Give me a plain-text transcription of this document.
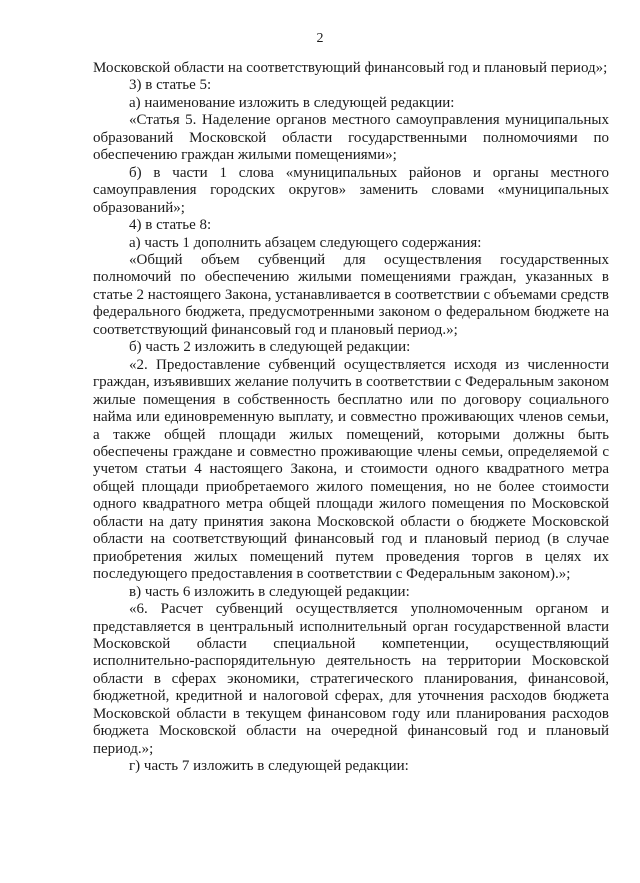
2

Московской области на соответствующий финансовый год и плановый период»;

3) в статье 5:

а) наименование изложить в следующей редакции:

«Статья 5. Наделение органов местного самоуправления муниципальных образований Московской области государственными полномочиями по обеспечению граждан жилыми помещениями»;

б) в части 1 слова «муниципальных районов и органы местного самоуправления городских округов» заменить словами «муниципальных образований»;

4) в статье 8:

а) часть 1 дополнить абзацем следующего содержания:

«Общий объем субвенций для осуществления государственных полномочий по обеспечению жилыми помещениями граждан, указанных в статье 2 настоящего Закона, устанавливается в соответствии с объемами средств федерального бюджета, предусмотренными законом о федеральном бюджете на соответствующий финансовый год и плановый период.»;

б) часть 2 изложить в следующей редакции:

«2. Предоставление субвенций осуществляется исходя из численности граждан, изъявивших желание получить в соответствии с Федеральным законом жилые помещения в собственность бесплатно или по договору социального найма или единовременную выплату, и совместно проживающих членов семьи, а также общей площади жилых помещений, которыми должны быть обеспечены граждане и совместно проживающие члены семьи, определяемой с учетом статьи 4 настоящего Закона, и стоимости одного квадратного метра общей площади приобретаемого жилого помещения, но не более стоимости одного квадратного метра общей площади жилого помещения по Московской области на дату принятия закона Московской области о бюджете Московской области на соответствующий финансовый год и плановый период (в случае приобретения жилых помещений путем проведения торгов в целях их последующего предоставления в соответствии с Федеральным законом).»;

в) часть 6 изложить в следующей редакции:

«6. Расчет субвенций осуществляется уполномоченным органом и представляется в центральный исполнительный орган государственной власти Московской области специальной компетенции, осуществляющий исполнительно-распорядительную деятельность на территории Московской области в сферах экономики, стратегического планирования, финансовой, бюджетной, кредитной и налоговой сферах, для уточнения расходов бюджета Московской области в текущем финансовом году или планирования расходов бюджета Московской области на очередной финансовый год и плановый период.»;

г) часть 7 изложить в следующей редакции:
